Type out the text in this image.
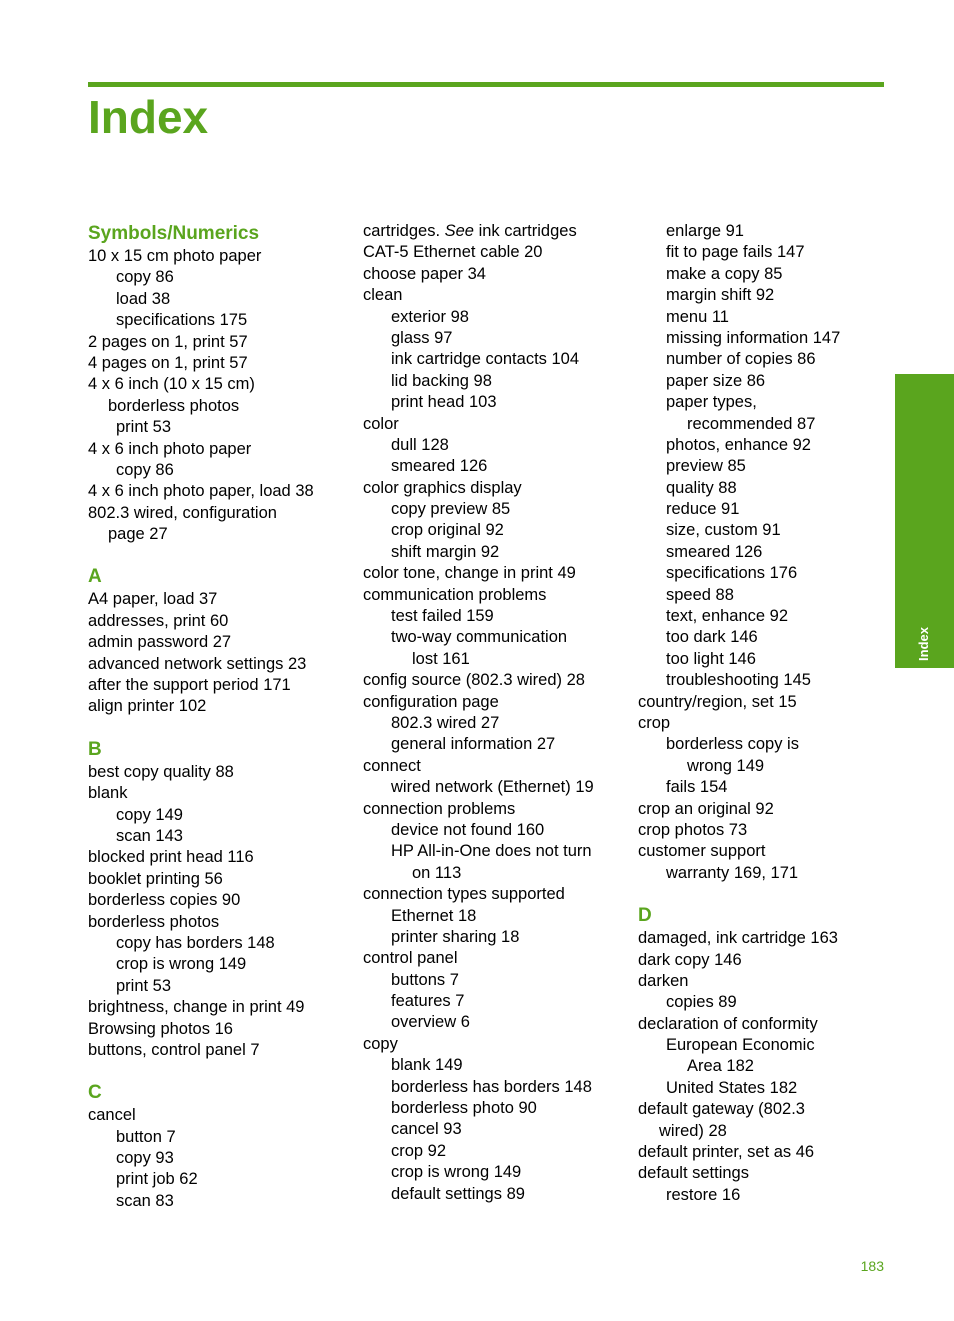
Index
Symbols/Numerics
10 x 15 cm photo paper
copy 86
load 38
specifications 175
2 pages on 1, print 57
4 pages on 1, print 57
4 x 6 inch (10 x 15 cm)
borderless photos
print 53
4 x 6 inch photo paper
copy 86
4 x 6 inch photo paper, load 38
802.3 wired, configuration
page 27
A
A4 paper, load 37
addresses, print 60
admin password 27
advanced network settings 23
after the support period 171
align printer 102
B
best copy quality 88
blank
copy 149
scan 143
blocked print head 116
booklet printing 56
borderless copies 90
borderless photos
copy has borders 148
crop is wrong 149
print 53
brightness, change in print 49
Browsing photos 16
buttons, control panel 7
C
cancel
button 7
copy 93
print job 62
scan 83
cartridges. See ink cartridges
CAT-5 Ethernet cable 20
choose paper 34
clean
exterior 98
glass 97
ink cartridge contacts 104
lid backing 98
print head 103
color
dull 128
smeared 126
color graphics display
copy preview 85
crop original 92
shift margin 92
color tone, change in print 49
communication problems
test failed 159
two-way communication
lost 161
config source (802.3 wired) 28
configuration page
802.3 wired 27
general information 27
connect
wired network (Ethernet) 19
connection problems
device not found 160
HP All-in-One does not turn
on 113
connection types supported
Ethernet 18
printer sharing 18
control panel
buttons 7
features 7
overview 6
copy
blank 149
borderless has borders 148
borderless photo 90
cancel 93
crop 92
crop is wrong 149
default settings 89
enlarge 91
fit to page fails 147
make a copy 85
margin shift 92
menu 11
missing information 147
number of copies 86
paper size 86
paper types,
recommended 87
photos, enhance 92
preview 85
quality 88
reduce 91
size, custom 91
smeared 126
specifications 176
speed 88
text, enhance 92
too dark 146
too light 146
troubleshooting 145
country/region, set 15
crop
borderless copy is
wrong 149
fails 154
crop an original 92
crop photos 73
customer support
warranty 169, 171
D
damaged, ink cartridge 163
dark copy 146
darken
copies 89
declaration of conformity
European Economic
Area 182
United States 182
default gateway (802.3
wired) 28
default printer, set as 46
default settings
restore 16
Index
183
